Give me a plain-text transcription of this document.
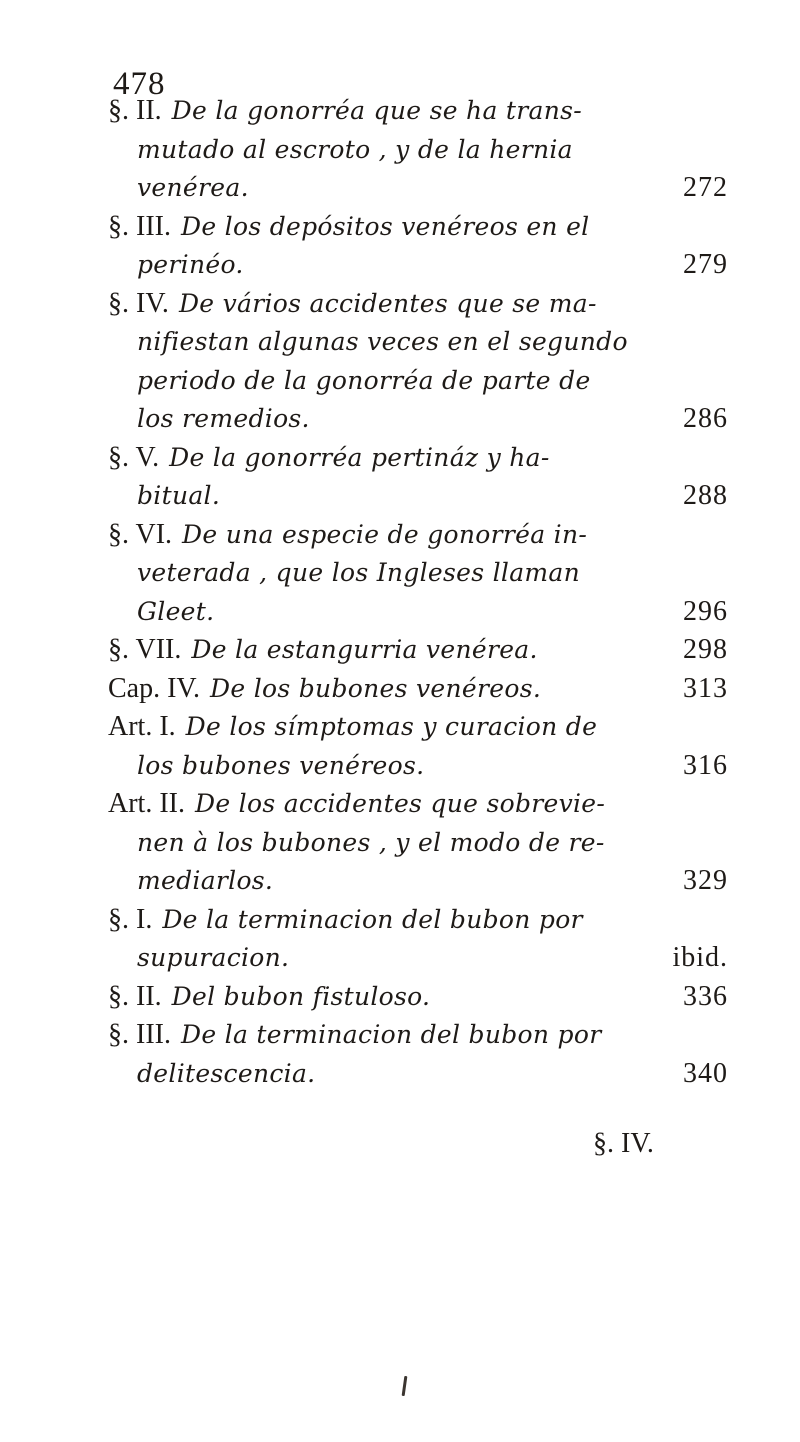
478
§. II. De la gonorréa que se ha trans-
mutado al escroto , y de la hernia
venérea.	272
§. III. De los depósitos venéreos en el
perinéo.	279
§. IV. De vários accidentes que se ma-
nifiestan algunas veces en el segundo
periodo de la gonorréa de parte de
los remedios.	286
§. V. De la gonorréa pertináz y ha-
bitual.	288
§. VI. De una especie de gonorréa in-
veterada , que los Ingleses llaman
Gleet.	296
§. VII. De la estangurria venérea.	298
Cap. IV. De los bubones venéreos.	313
Art. I. De los símptomas y curacion de
los bubones venéreos.	316
Art. II. De los accidentes que sobrevie-
nen à los bubones , y el modo de re-
mediarlos.	329
§. I. De la terminacion del bubon por
supuracion.	ibid.
§. II. Del bubon fistuloso.	336
§. III. De la terminacion del bubon por
delitescencia.	340
§. IV.
